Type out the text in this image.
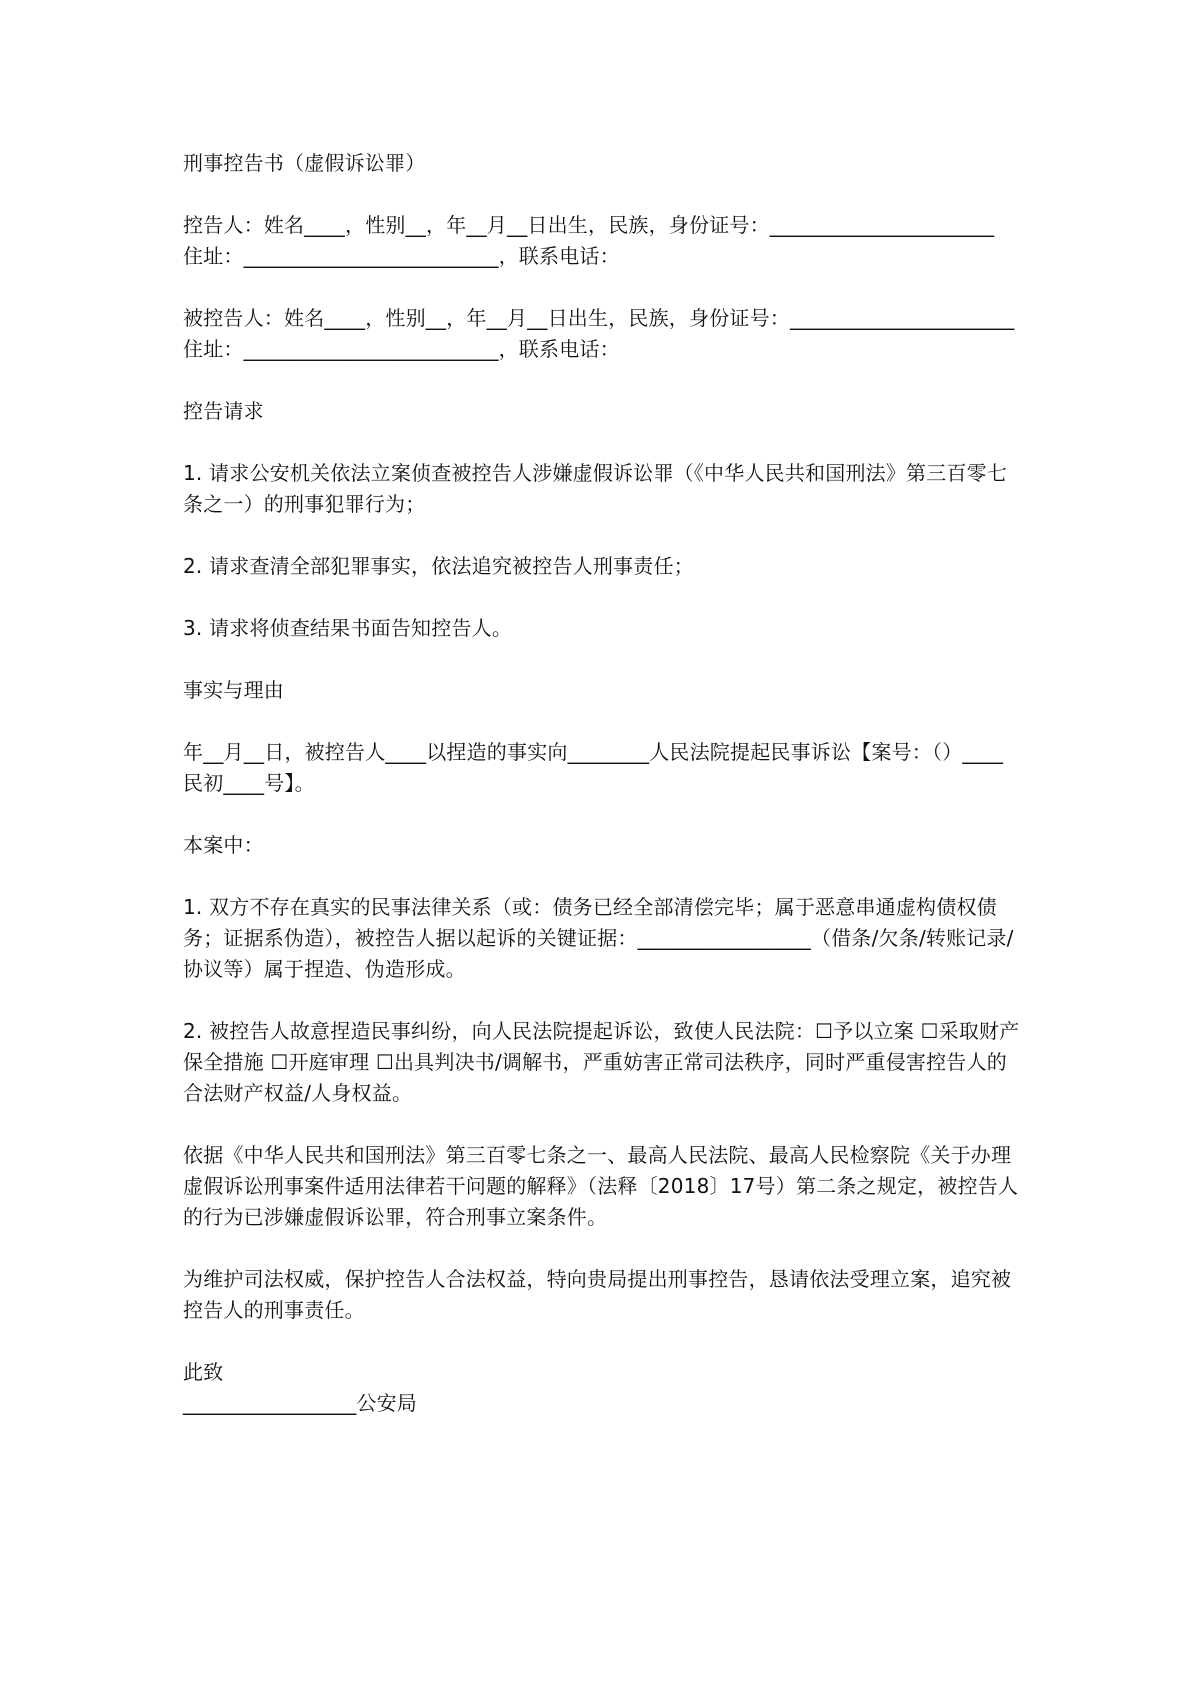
刑事控告书（虚假诉讼罪）

控告人：姓名____，性别__，年__月__日出生，民族，身份证号：______________________

住址：_________________________，联系电话：

被控告人：姓名____，性别__，年__月__日出生，民族，身份证号：______________________

住址：_________________________，联系电话：

控告请求

1. 请求公安机关依法立案侦查被控告人涉嫌虚假诉讼罪（《中华人民共和国刑法》第三百零七条之一）的刑事犯罪行为；

2. 请求查清全部犯罪事实，依法追究被控告人刑事责任；

3. 请求将侦查结果书面告知控告人。

事实与理由

年__月__日，被控告人____以捏造的事实向________人民法院提起民事诉讼【案号：（）____民初____号】。

本案中：

1. 双方不存在真实的民事法律关系（或：债务已经全部清偿完毕；属于恶意串通虚构债权债务；证据系伪造），被控告人据以起诉的关键证据：_________________（借条/欠条/转账记录/协议等）属于捏造、伪造形成。

2. 被控告人故意捏造民事纠纷，向人民法院提起诉讼，致使人民法院：☐予以立案 ☐采取财产保全措施 ☐开庭审理 ☐出具判决书/调解书，严重妨害正常司法秩序，同时严重侵害控告人的合法财产权益/人身权益。

依据《中华人民共和国刑法》第三百零七条之一、最高人民法院、最高人民检察院《关于办理虚假诉讼刑事案件适用法律若干问题的解释》（法释〔2018〕17号）第二条之规定，被控告人的行为已涉嫌虚假诉讼罪，符合刑事立案条件。

为维护司法权威，保护控告人合法权益，特向贵局提出刑事控告，恳请依法受理立案，追究被控告人的刑事责任。

此致

_________________公安局
